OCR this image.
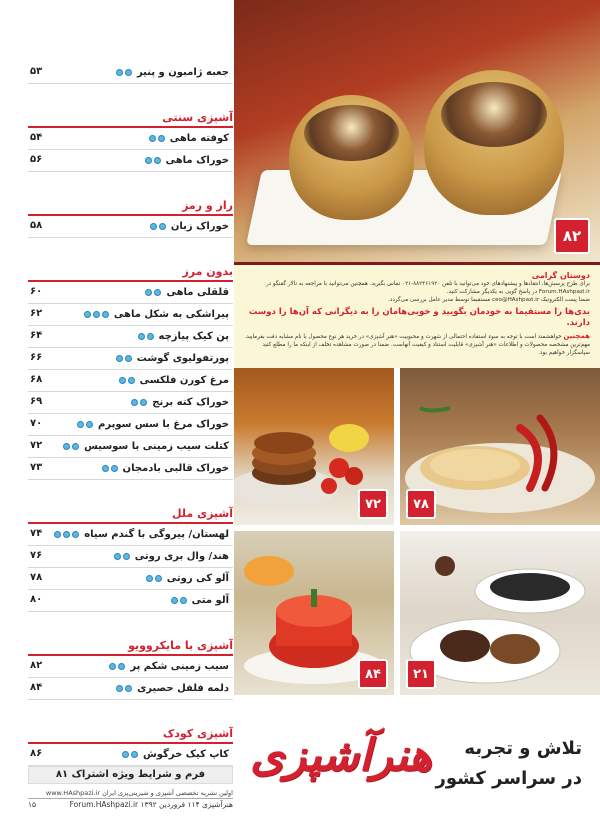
جعبه ژامبون و پنیر
۵۳
آشپزی سنتی
کوفته ماهی
۵۴
خوراک ماهی
۵۶
راز و رمز
خوراک زبان
۵۸
بدون مرز
قلقلی ماهی
۶۰
پیراشکی به شکل ماهی
۶۲
پن کیک پیازچه
۶۴
پورتفولیوی گوشت
۶۶
مرغ کورن فلکسی
۶۸
خوراک کته برنج
۶۹
خوراک مرغ با سس سوپرم
۷۰
کتلت سیب زمینی با سوسیس
۷۲
خوراک قالبی بادمجان
۷۳
آشپزی ملل
لهستان/ پیروگی با گندم سیاه
۷۴
هند/ وال بری روتی
۷۶
آلو کی روتی
۷۸
آلو متی
۸۰
آشپزی با مایکروویو
سیب زمینی شکم پر
۸۲
دلمه فلفل حصیری
۸۴
آشپزی کودک
کاپ کیک خرگوش
۸۶
فرم و شرایط ویژه اشتراک ۸۱
اولین نشریه تخصصی آشپزی و شیرینی‌پزی ایران www.HAshpazi.ir
هنرآشپزی ۱۱۴ فروردین ۱۳۹۲ Forum.HAshpazi.ir
۱۵
۸۲
دوستان گرامی

برای طرح پرسش‌ها، انتقادها و پیشنهادهای خود می‌توانید با تلفن ۸۸۲۴۶۱۹۲۰-۰۲۱ تماس بگیرید. همچنین می‌توانید با مراجعه به تالار گفتگو در Forum.HAshpazi.ir در پاسخ گویی به یکدیگر مشارکت کنید.

ضمنا پست الکترونیک ceo@HAshpazi.ir مستقیما توسط مدیر عامل بررسی می‌گردد.

بدی‌ها را مستقیما به خودمان بگویید و خوبی‌هامان را به دیگرانی که آن‌ها را دوست دارند.

همچنین خواهشمند است با توجه به سوء استفاده احتمالی از شهرت و محبوبیت «هنر آشپزی» در خرید هر نوع محصول با نام مشابه دقت بفرمایید. مهم‌ترین مشخصه محصولات و اطلاعات «هنر آشپزی» قابلیت استناد و کیفیت آنهاست. ضمنا در صورت مشاهده تخلف از اینکه ما را مطلع کنید سپاسگزار خواهیم بود.

۷۲	۷۸
۸۴	۲۱
هنرآشپزی تلاش و تجربه
در سراسر کشور
